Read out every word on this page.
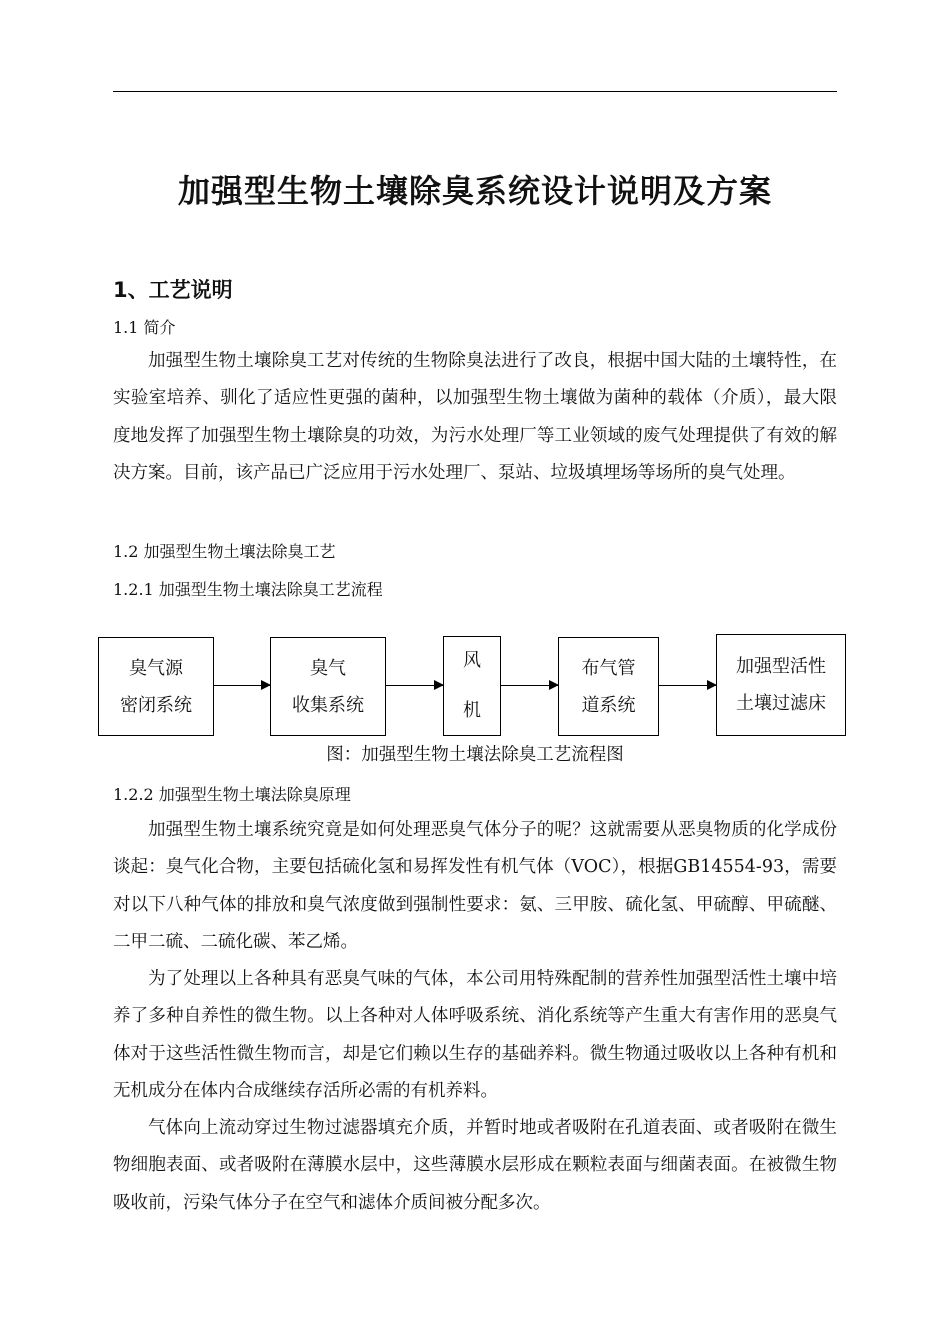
加强型生物土壤除臭系统设计说明及方案
1、工艺说明
1.1 简介

加强型生物土壤除臭工艺对传统的生物除臭法进行了改良，根据中国大陆的土壤特性，在实验室培养、驯化了适应性更强的菌种，以加强型生物土壤做为菌种的载体（介质），最大限度地发挥了加强型生物土壤除臭的功效，为污水处理厂等工业领域的废气处理提供了有效的解决方案。目前，该产品已广泛应用于污水处理厂、泵站、垃圾填埋场等场所的臭气处理。

1.2 加强型生物土壤法除臭工艺
1.2.1 加强型生物土壤法除臭工艺流程
臭气源
密闭系统
臭气
收集系统
风
机
布气管
道系统
加强型活性
土壤过滤床
图：加强型生物土壤法除臭工艺流程图
1.2.2 加强型生物土壤法除臭原理

加强型生物土壤系统究竟是如何处理恶臭气体分子的呢？这就需要从恶臭物质的化学成份谈起：臭气化合物，主要包括硫化氢和易挥发性有机气体（VOC），根据GB14554-93，需要对以下八种气体的排放和臭气浓度做到强制性要求：氨、三甲胺、硫化氢、甲硫醇、甲硫醚、二甲二硫、二硫化碳、苯乙烯。

为了处理以上各种具有恶臭气味的气体，本公司用特殊配制的营养性加强型活性土壤中培养了多种自养性的微生物。以上各种对人体呼吸系统、消化系统等产生重大有害作用的恶臭气体对于这些活性微生物而言，却是它们赖以生存的基础养料。微生物通过吸收以上各种有机和无机成分在体内合成继续存活所必需的有机养料。

气体向上流动穿过生物过滤器填充介质，并暂时地或者吸附在孔道表面、或者吸附在微生物细胞表面、或者吸附在薄膜水层中，这些薄膜水层形成在颗粒表面与细菌表面。在被微生物吸收前，污染气体分子在空气和滤体介质间被分配多次。
